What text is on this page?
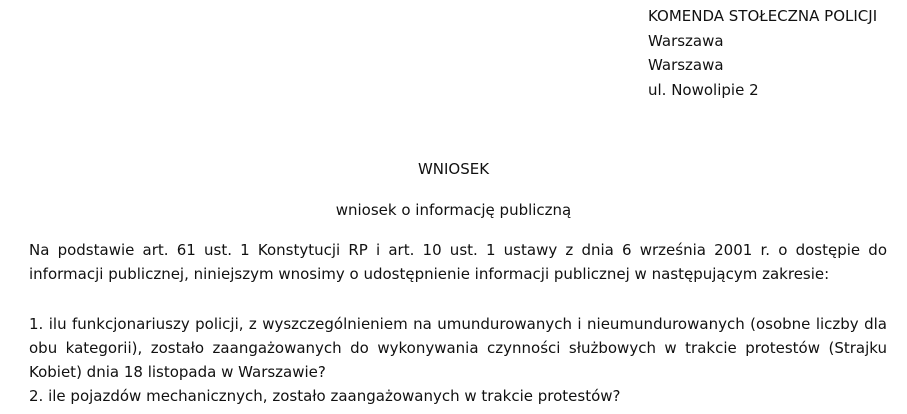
KOMENDA STOŁECZNA POLICJI
Warszawa
Warszawa
ul. Nowolipie 2
WNIOSEK
wniosek o informację publiczną

Na podstawie art. 61 ust. 1 Konstytucji RP i art. 10 ust. 1 ustawy z dnia 6 września 2001 r. o dostępie do informacji publicznej, niniejszym wnosimy o udostępnienie informacji publicznej w następującym zakresie:

1. ilu funkcjonariuszy policji, z wyszczególnieniem na umundurowanych i nieumundurowanych (osobne liczby dla obu kategorii), zostało zaangażowanych do wykonywania czynności służbowych w trakcie protestów (Strajku Kobiet) dnia 18 listopada w Warszawie?

2. ile pojazdów mechanicznych, zostało zaangażowanych w trakcie protestów?
